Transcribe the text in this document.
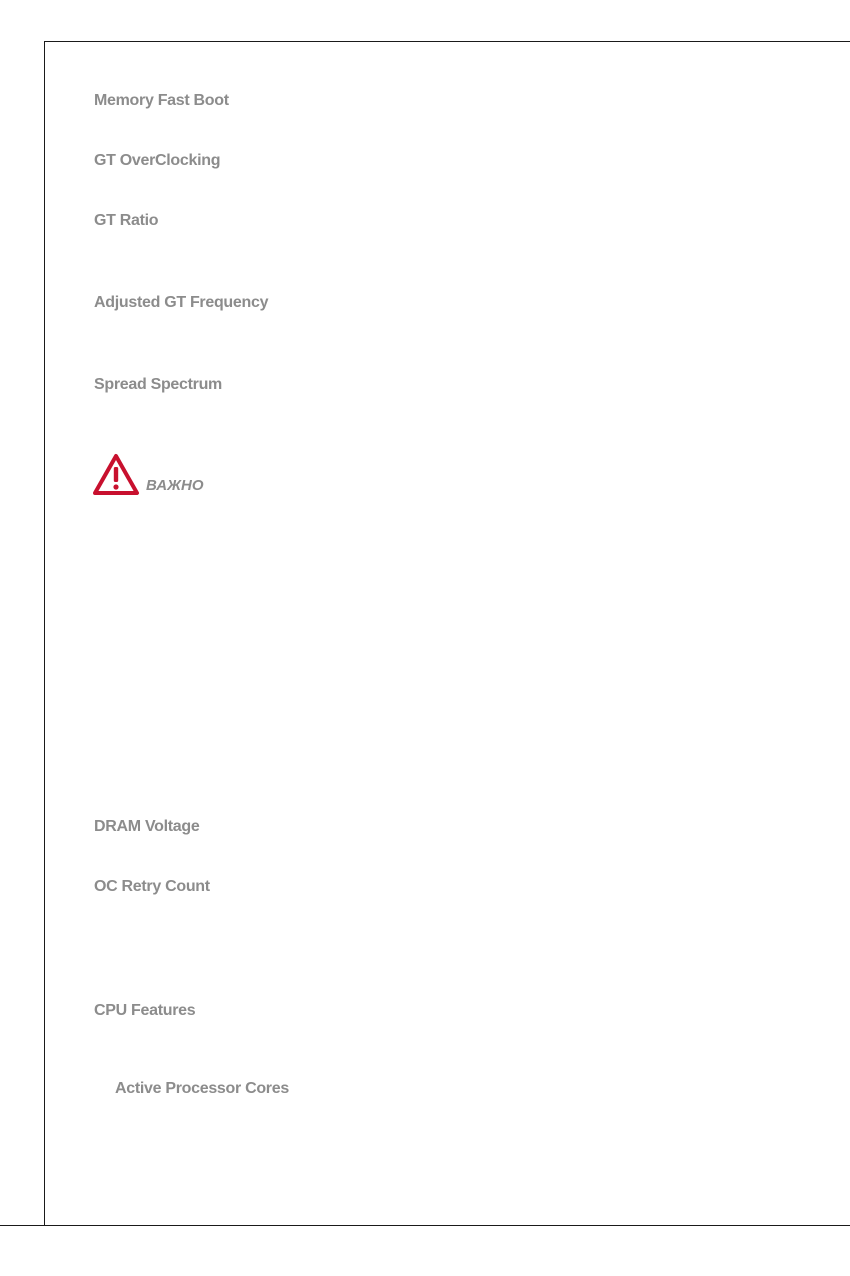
Memory Fast Boot
GT OverClocking
GT Ratio
Adjusted GT Frequency
Spread Spectrum
ВАЖНО
DRAM Voltage
OC Retry Count
CPU Features
Active Processor Cores
